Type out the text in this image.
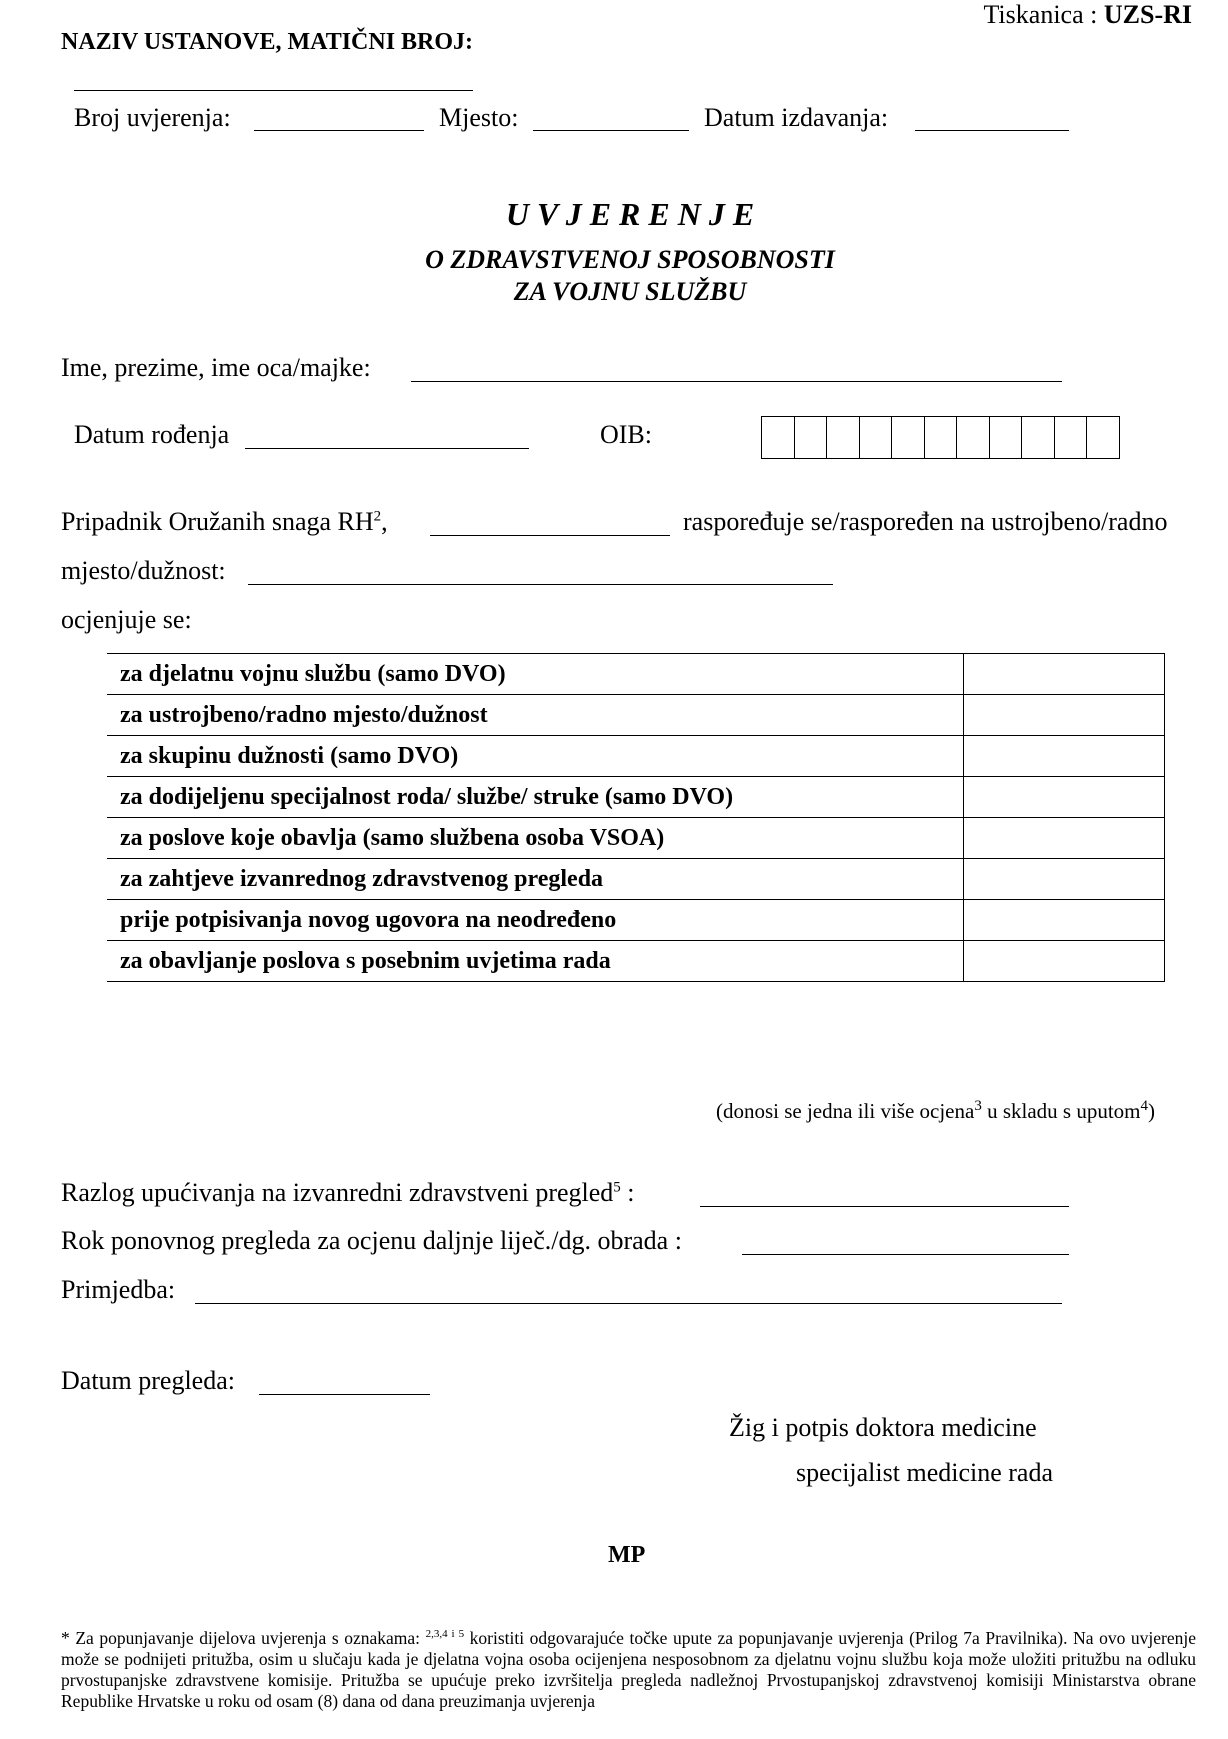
Tiskanica : UZS-RI
NAZIV USTANOVE, MATIČNI BROJ:
Broj uvjerenja:	Mjesto:	Datum izdavanja:
U V J E R E N J E
O ZDRAVSTVENOJ SPOSOBNOSTI
ZA VOJNU SLUŽBU
Ime, prezime, ime oca/majke:
Datum rođenja	OIB:
Pripadnik Oružanih snaga $RH^2$,	raspoređuje se/raspoređen na ustrojbeno/radno
mjesto/dužnost:
ocjenjuje se:
za djelatnu vojnu službu (samo DVO)	
za ustrojbeno/radno mjesto/dužnost	
za skupinu dužnosti (samo DVO)	
za dodijeljenu specijalnost roda/ službe/ struke (samo DVO)	
za poslove koje obavlja (samo službena osoba VSOA)	
za zahtjeve izvanrednog zdravstvenog pregleda	
prije potpisivanja novog ugovora na neodređeno	
za obavljanje poslova s posebnim uvjetima rada	
(donosi se jedna ili više ocjena$^3$ u skladu s uputom$^4$)
Razlog upućivanja na izvanredni zdravstveni pregled$^5$ :
Rok ponovnog pregleda za ocjenu daljnje liječ./dg. obrada :
Primjedba:
Datum pregleda:
Žig i potpis doktora medicine
specijalist medicine rada
MP
* Za popunjavanje dijelova uvjerenja s oznakama: $^{2,3,4 i 5}$ koristiti odgovarajuće točke upute za popunjavanje uvjerenja (Prilog 7a Pravilnika). Na ovo uvjerenje može se podnijeti pritužba, osim u slučaju kada je djelatna vojna osoba ocijenjena nesposobnom za djelatnu vojnu službu koja može uložiti pritužbu na odluku prvostupanjske zdravstvene komisije. Pritužba se upućuje preko izvršitelja pregleda nadležnoj Prvostupanjskoj zdravstvenoj komisiji Ministarstva obrane Republike Hrvatske u roku od osam (8) dana od dana preuzimanja uvjerenja
